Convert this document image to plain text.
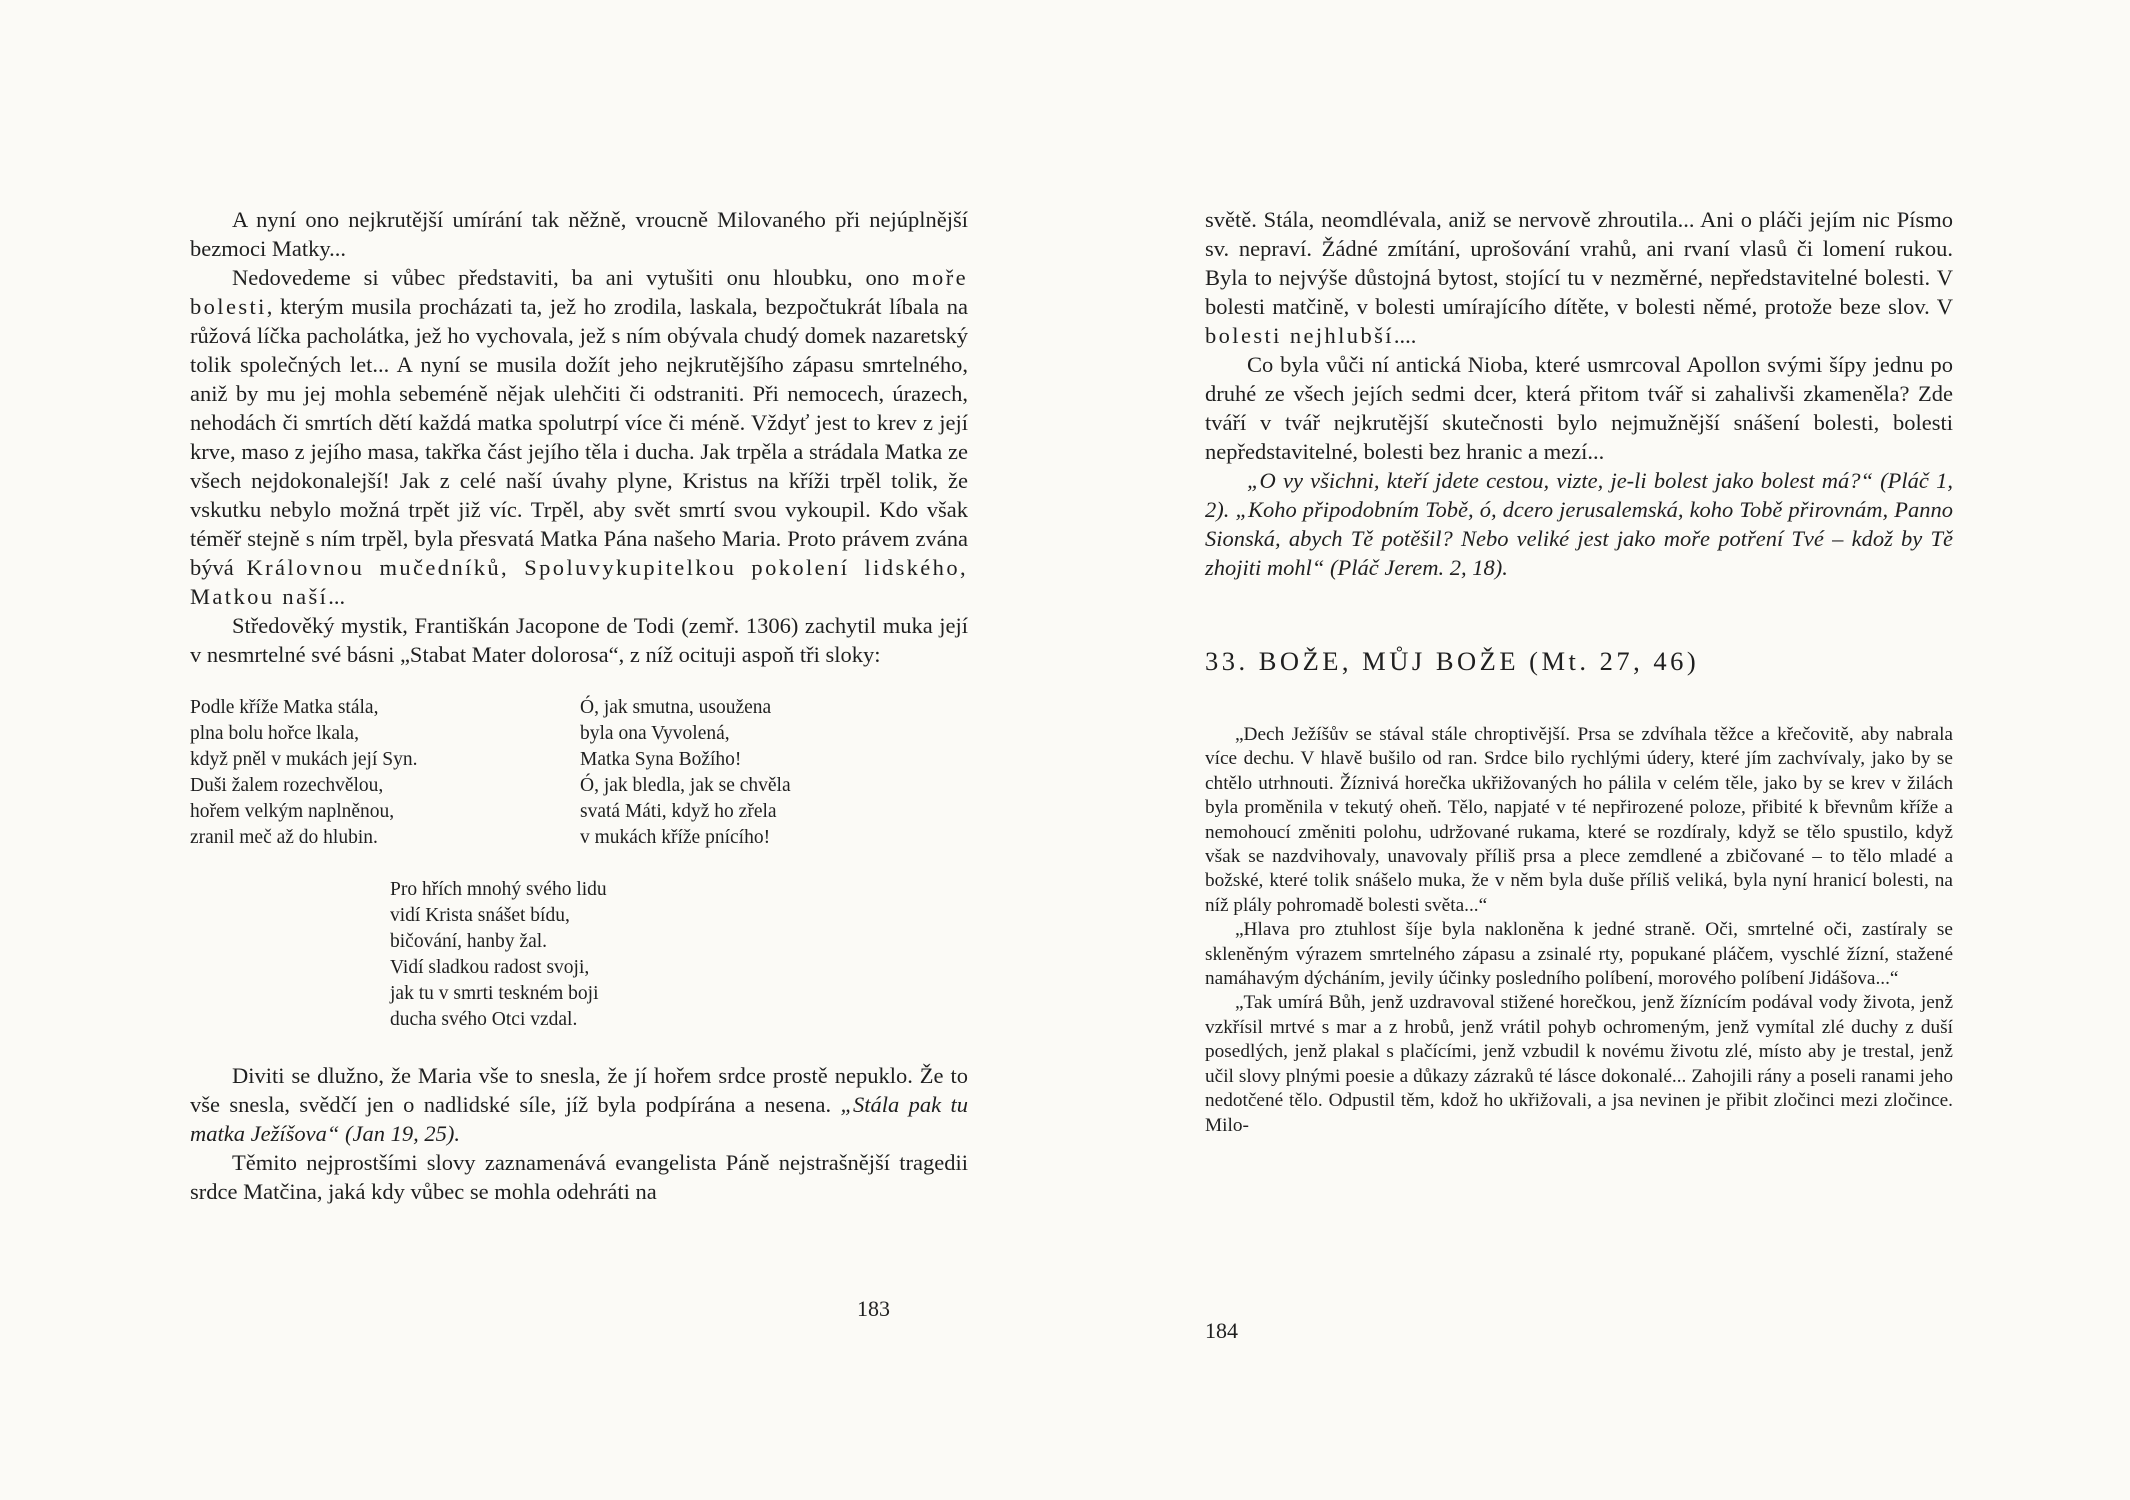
A nyní ono nejkrutější umírání tak něžně, vroucně Milovaného při nejúplnější bezmoci Matky...

Nedovedeme si vůbec představiti, ba ani vytušiti onu hloubku, ono moře bolesti, kterým musila procházati ta, jež ho zrodila, laskala, bezpočtukrát líbala na růžová líčka pacholátka, jež ho vychovala, jež s ním obývala chudý domek nazaretský tolik společných let... A nyní se musila dožít jeho nejkrutějšího zápasu smrtelného, aniž by mu jej mohla sebeméně nějak ulehčiti či odstraniti. Při nemocech, úrazech, nehodách či smrtích dětí každá matka spolutrpí více či méně. Vždyť jest to krev z její krve, maso z jejího masa, takřka část jejího těla i ducha. Jak trpěla a strádala Matka ze všech nejdokonalejší! Jak z celé naší úvahy plyne, Kristus na kříži trpěl tolik, že vskutku nebylo možná trpět již víc. Trpěl, aby svět smrtí svou vykoupil. Kdo však téměř stejně s ním trpěl, byla přesvatá Matka Pána našeho Maria. Proto právem zvána bývá Královnou mučedníků, Spoluvykupitelkou pokolení lidského, Matkou naší...

Středověký mystik, Františkán Jacopone de Todi (zemř. 1306) zachytil muka její v nesmrtelné své básni „Stabat Mater dolorosa“, z níž ocituji aspoň tři sloky:

Podle kříže Matka stála,
plna bolu hořce lkala,
když pněl v mukách její Syn.
Duši žalem rozechvělou,
hořem velkým naplněnou,
zranil meč až do hlubin.
Ó, jak smutna, usoužena
byla ona Vyvolená,
Matka Syna Božího!
Ó, jak bledla, jak se chvěla
svatá Máti, když ho zřela
v mukách kříže pnícího!
Pro hřích mnohý svého lidu
vidí Krista snášet bídu,
bičování, hanby žal.
Vidí sladkou radost svoji,
jak tu v smrti teskném boji
ducha svého Otci vzdal.

Diviti se dlužno, že Maria vše to snesla, že jí hořem srdce prostě nepuklo. Že to vše snesla, svědčí jen o nadlidské síle, jíž byla podpírána a nesena. „Stála pak tu matka Ježíšova“ (Jan 19, 25).

Těmito nejprostšími slovy zaznamenává evangelista Páně nejstrašnější tragedii srdce Matčina, jaká kdy vůbec se mohla odehráti na

183

světě. Stála, neomdlévala, aniž se nervově zhroutila... Ani o pláči jejím nic Písmo sv. nepraví. Žádné zmítání, uprošování vrahů, ani rvaní vlasů či lomení rukou. Byla to nejvýše důstojná bytost, stojící tu v nezměrné, nepředstavitelné bolesti. V bolesti matčině, v bolesti umírajícího dítěte, v bolesti němé, protože beze slov. V bolesti nejhlubší....

Co byla vůči ní antická Nioba, které usmrcoval Apollon svými šípy jednu po druhé ze všech jejích sedmi dcer, která přitom tvář si zahalivši zkameněla? Zde tváří v tvář nejkrutější skutečnosti bylo nejmužnější snášení bolesti, bolesti nepředstavitelné, bolesti bez hranic a mezí...

„O vy všichni, kteří jdete cestou, vizte, je-li bolest jako bolest má?“ (Pláč 1, 2). „Koho připodobním Tobě, ó, dcero jerusalemská, koho Tobě přirovnám, Panno Sionská, abych Tě potěšil? Nebo veliké jest jako moře potření Tvé – kdož by Tě zhojiti mohl“ (Pláč Jerem. 2, 18).

33. BOŽE, MŮJ BOŽE (Mt. 27, 46)

„Dech Ježíšův se stával stále chroptivější. Prsa se zdvíhala těžce a křečovitě, aby nabrala více dechu. V hlavě bušilo od ran. Srdce bilo rychlými údery, které jím zachvívaly, jako by se chtělo utrhnouti. Žíznivá horečka ukřižovaných ho pálila v celém těle, jako by se krev v žilách byla proměnila v tekutý oheň. Tělo, napjaté v té nepřirozené poloze, přibité k břevnům kříže a nemohoucí změniti polohu, udržované rukama, které se rozdíraly, když se tělo spustilo, když však se nazdvihovaly, unavovaly příliš prsa a plece zemdlené a zbičované – to tělo mladé a božské, které tolik snášelo muka, že v něm byla duše příliš veliká, byla nyní hranicí bolesti, na níž plály pohromadě bolesti světa...“

„Hlava pro ztuhlost šíje byla nakloněna k jedné straně. Oči, smrtelné oči, zastíraly se skleněným výrazem smrtelného zápasu a zsinalé rty, popukané pláčem, vyschlé žízní, stažené namáhavým dýcháním, jevily účinky posledního políbení, morového políbení Jidášova...“

„Tak umírá Bůh, jenž uzdravoval stižené horečkou, jenž žíznícím podával vody života, jenž vzkřísil mrtvé s mar a z hrobů, jenž vrátil pohyb ochromeným, jenž vymítal zlé duchy z duší posedlých, jenž plakal s plačícími, jenž vzbudil k novému životu zlé, místo aby je trestal, jenž učil slovy plnými poesie a důkazy zázraků té lásce dokonalé... Zahojili rány a poseli ranami jeho nedotčené tělo. Odpustil těm, kdož ho ukřižovali, a jsa nevinen je přibit zločinci mezi zločince. Milo-

184
